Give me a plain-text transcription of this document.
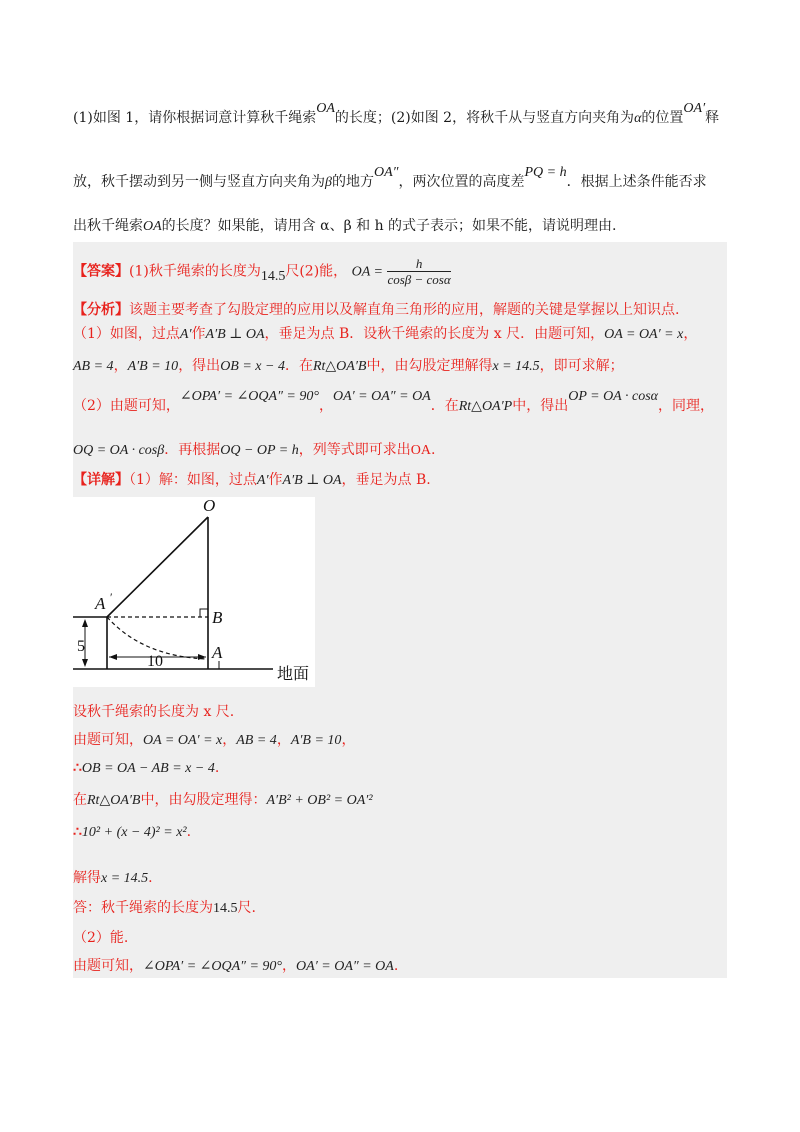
(1)如图 1，请你根据词意计算秋千绳索OA的长度；(2)如图 2，将秋千从与竖直方向夹角为α的位置OA′释
放，秋千摆动到另一侧与竖直方向夹角为β的地方OA″，两次位置的高度差PQ = h．根据上述条件能否求
出秋千绳索OA的长度？如果能，请用含 α、β 和 h 的式子表示；如果不能，请说明理由.
【答案】(1)秋千绳索的长度为14.5尺(2)能， OA = $\frac{h}{\cos\beta - \cos\alpha}$
【分析】该题主要考查了勾股定理的应用以及解直角三角形的应用，解题的关键是掌握以上知识点.
（1）如图，过点A′作A′B ⊥ OA，垂足为点 B．设秋千绳索的长度为 x 尺．由题可知，OA = OA′ = x，
AB = 4，A′B = 10，得出OB = x − 4．在Rt△OA′B中，由勾股定理解得x = 14.5，即可求解；
（2）由题可知，∠OPA′ = ∠OQA″ = 90°，OA′ = OA″ = OA．在Rt△OA′P中，得出OP = OA · cosα，同理，
OQ = OA · cosβ．再根据OQ − OP = h，列等式即可求出OA.
【详解】（1）解：如图，过点A′作A′B ⊥ OA，垂足为点 B.
O
A ′
B
A
5
10
地面
设秋千绳索的长度为 x 尺.
由题可知，OA = OA′ = x，AB = 4，A′B = 10，
∴OB = OA − AB = x − 4.
在Rt△OA′B中，由勾股定理得：A′B² + OB² = OA′²
∴10² + (x − 4)² = x².
解得x = 14.5.
答：秋千绳索的长度为14.5尺.
（2）能.
由题可知，∠OPA′ = ∠OQA″ = 90°，OA′ = OA″ = OA.
